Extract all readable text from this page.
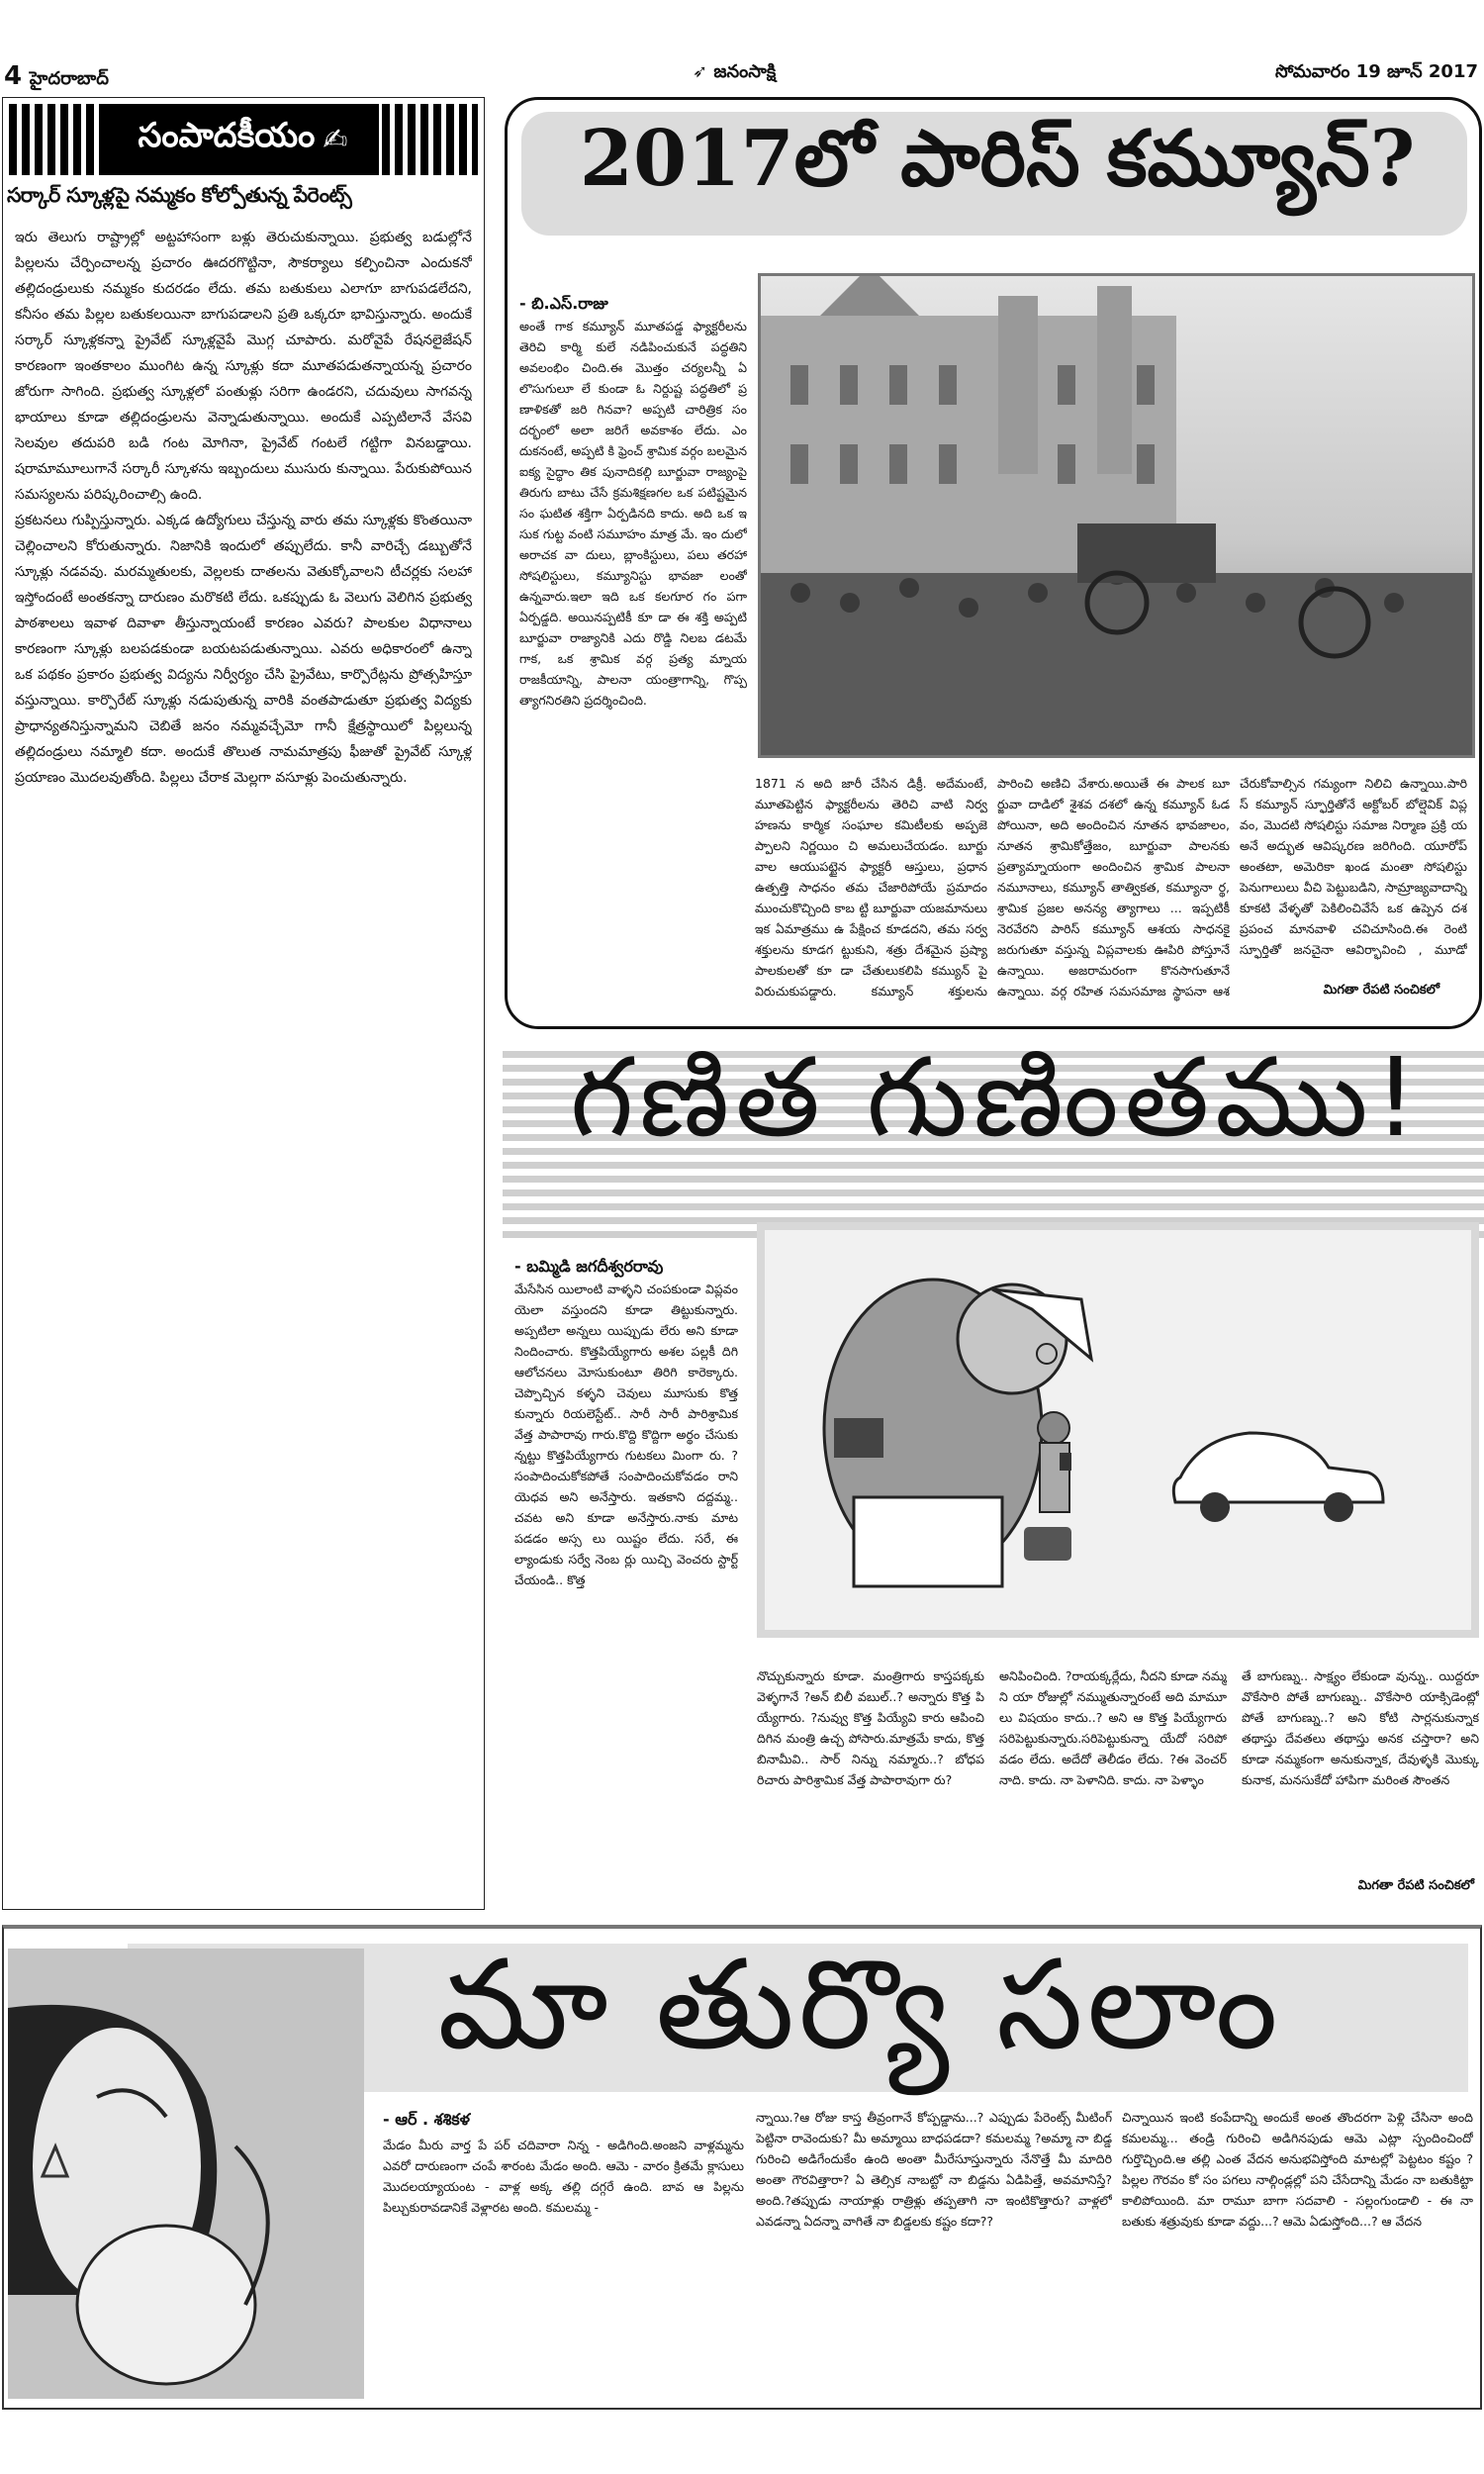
4 హైదరాబాద్	➶ జనంసాక్షి	సోమవారం 19 జూన్ 2017
సంపాదకీయం ✍
సర్కార్ స్కూళ్లపై నమ్మకం కోల్పోతున్న పేరెంట్స్

ఇరు తెలుగు రాష్ట్రాల్లో అట్టహాసంగా బళ్లు తెరుచుకున్నాయి. ప్రభుత్వ బడుల్లోనే పిల్లలను చేర్పించాలన్న ప్రచారం ఊదరగొట్టినా, సౌకర్యాలు కల్పించినా ఎందుకనో తల్లిదండ్రులుకు నమ్మకం కుదరడం లేదు. తమ బతుకులు ఎలాగూ బాగుపడలేదని, కనీసం తమ పిల్లల బతుకలయినా బాగుపడాలని ప్రతి ఒక్కరూ భావిస్తున్నారు. అందుకే సర్కార్ స్కూళ్లకన్నా ప్రైవేట్ స్కూళ్లవైపే మొగ్గ చూపారు. మరోవైపే రేషనలైజేషన్ కారణంగా ఇంతకాలం ముంగిట ఉన్న స్కూళ్లు కదా మూతపడుతన్నాయన్న ప్రచారం జోరుగా సాగింది. ప్రభుత్వ స్కూళ్లలో పంతుళ్లు సరిగా ఉండరని, చదువులు సాగవన్న భాయాలు కూడా తల్లిదండ్రులను వెన్నాడుతున్నాయి. అందుకే ఎప్పటిలానే వేసవి సెలవుల తదుపరి బడి గంట మోగినా, ప్రైవేట్ గంటలే గట్టిగా వినబడ్డాయి. షరామామూలుగానే సర్కారీ స్కూళను ఇబ్బందులు ముసురు కున్నాయి. పేరుకుపోయిన సమస్యలను పరిష్కరించాల్సి ఉంది.

ప్రకటనలు గుప్పిస్తున్నారు. ఎక్కడ ఉద్యోగులు చేస్తున్న వారు తమ స్కూళ్లకు కొంతయినా చెల్లించాలని కోరుతున్నారు. నిజానికి ఇందులో తప్పులేదు. కానీ వారిచ్చే డబ్బుతోనే స్కూళ్లు నడవవు. మరమ్మతులకు, వెల్లలకు దాతలను వెతుక్కోవాలని టీచర్లకు సలహా ఇస్తోందంటే అంతకన్నా దారుణం మరొకటి లేదు. ఒకప్పుడు ఓ వెలుగు వెలిగిన ప్రభుత్వ పాఠశాలలు ఇవాళ దివాళా తీస్తున్నాయంటే కారణం ఎవరు? పాలకుల విధానాలు కారణంగా స్కూళ్లు బలపడకుండా బయటపడుతున్నాయి. ఎవరు అధికారంలో ఉన్నా ఒక పథకం ప్రకారం ప్రభుత్వ విద్యను నిర్వీర్యం చేసి ప్రైవేటు, కార్పొరేట్లను ప్రోత్సహిస్తూ వస్తున్నాయి. కార్పొరేట్ స్కూళ్లు నడుపుతున్న వారికి వంతపాడుతూ ప్రభుత్వ విద్యకు ప్రాధాన్యతనిస్తున్నామని చెబితే జనం నమ్మవచ్చేమో గానీ క్షేత్రస్థాయిలో పిల్లలున్న తల్లిదండ్రులు నమ్మాలి కదా. అందుకే తొలుత నామమాత్రపు ఫీజుతో ప్రైవేట్ స్కూళ్ల ప్రయాణం మొదలవుతోంది. పిల్లలు చేరాక మెల్లగా వసూళ్లు పెంచుతున్నారు.

2017లో పారిస్ కమ్యూన్?
- బి.ఎస్.రాజు
అంతే గాక కమ్యూన్ మూతపడ్డ ఫ్యాక్టరీలను తెరిచి కార్మి కులే నడిపించుకునే పద్ధతిని అవలంభిం చింది.ఈ మొత్తం చర్యలన్నీ ఏ లొసుగులూ లే కుండా ఓ నిర్దుష్ట పద్ధతిలో ప్ర ణాళికతో జరి గినవా? అప్పటి చారిత్రిక సం దర్భంలో అలా జరిగే అవకాశం లేదు. ఎం దుకనంటే, అప్పటి కి ఫ్రెంచ్ శ్రామిక వర్గం బలమైన ఐక్య సైద్ధాం తిక పునాదికల్గి బూర్జువా రాజ్యంపై తిరుగు బాటు చేసే క్రమశిక్షణగల ఒక పటిష్టమైన సం ఘటిత శక్తిగా ఏర్పడినది కాదు. అది ఒక ఇ సుక గుట్ట వంటి సమూహం మాత్ర మే. ఇం దులో అరాచక వా దులు, బ్లాంకిస్టులు, పలు తరహా సోషలిస్టులు, కమ్యూనిస్టు భావజా లంతో ఉన్నవారు.ఇలా ఇది ఒక కలగూర గం పగా ఏర్పడ్డది. అయినప్పటికీ కూ డా ఈ శక్తి అప్పటి బూర్జువా రాజ్యానికి ఎదు రొడ్డి నిలబ డటమే గాక, ఒక శ్రామిక వర్గ ప్రత్య మ్నాయ రాజకీయాన్ని, పాలనా యంత్రాగాన్ని, గొప్ప త్యాగనిరతిని ప్రదర్శించింది.
1871 న అది జారీ చేసిన డిక్రీ. అదేమంటే, మూతపెట్టిన ఫ్యాక్టరీలను తెరిచి వాటి నిర్వ హణను కార్మిక సంఘాల కమిటీలకు అప్పజె ప్పాలని నిర్ణయిం చి అమలుచేయడం. బూర్జు వాల ఆయుపట్టైన ఫ్యాక్టరీ ఆస్తులు, ప్రధాన ఉత్పత్తి సాధనం తమ చేజారిపోయే ప్రమాదం ముంచుకొచ్చింది కాబ ట్టి బూర్జువా యజమానులు ఇక ఏమాత్రము ఉ పేక్షించ కూడదని, తమ సర్వ శక్తులను కూడగ ట్టుకుని, శత్రు దేశమైన ప్రష్యా పాలకులతో కూ డా చేతులుకలిపి కమ్యున్ పై విరుచుకుపడ్డారు. కమ్యూన్ శక్తులను
పారించి అణిచి వేశారు.అయితే ఈ పాలక బూ ర్జువా దాడిలో శైశవ దశలో ఉన్న కమ్యూన్ ఓడ పోయినా, అది అందించిన నూతన భావజాలం, నూతన శ్రామికోత్తేజం, బూర్జువా పాలనకు ప్రత్యామ్నాయంగా అందించిన శ్రామిక పాలనా నమూనాలు, కమ్యూన్ తాత్వికత, కమ్యూనా ర్థ, శ్రామిక ప్రజల అనన్య త్యాగాలు ... ఇప్పటికీ నెరవేరని పారిస్ కమ్యూన్ ఆశయ సాధనకై జరుగుతూ వస్తున్న విప్లవాలకు ఊపిరి పోస్తూనే ఉన్నాయి. అజరామరంగా కొనసాగుతూనే ఉన్నాయి. వర్గ రహిత సమసమాజ స్థాపనా ఆశ
చేరుకోవాల్సిన గమ్యంగా నిలిచి ఉన్నాయి.పారి స్ కమ్యూన్ స్ఫూర్తితోనే అక్టోబర్ బోల్షెవిక్ విప్ల వం, మొదటి సోషలిస్టు సమాజ నిర్మాణ ప్రక్రి య అనే అద్భుత ఆవిష్కరణ జరిగింది. యూరోప్ అంతటా, అమెరికా ఖండ మంతా సోషలిస్టు పెనుగాలులు వీచి పెట్టుబడిని, సామ్రాజ్యవాదాన్ని కూకటి వేళ్ళతో పెకిలించివేసే ఒక ఉప్పెన దశ ప్రపంచ మానవాళి చవిచూసింది.ఈ రెంటి స్ఫూర్తితో జనచైనా ఆవిర్భావించి , మూడో
మిగతా రేపటి సంచికలో
గణిత గుణింతము!
- బమ్మిడి జగదీశ్వరరావు
మేసేసిన యిలాంటి వాళ్ళని చంపకుండా విప్లవం యెలా వస్తుందని కూడా తిట్టుకున్నారు. అప్పటిలా అన్నలు యిప్పుడు లేరు అని కూడా నిందించారు. కొత్తపియ్యేగారు అశల పల్లకీ దిగి ఆలోచనలు మోసుకుంటూ తిరిగి కారెక్కారు. చెప్పొచ్చిన కళ్ళని చెవులు మూసుకు కొత్త కున్నారు రియలెస్టేట్.. సారీ సారీ పారిశ్రామిక వేత్త పాపారావు గారు.కొద్ది కొద్దిగా అర్థం చేసుకు న్నట్టు కొత్తపియ్యేగారు గుటకలు మింగా రు. ?సంపాదించుకోకపోతే సంపాదించుకోవడం రాని యెధవ అని అనేస్తారు. ఇతకాని దద్దమ్మ.. చవట అని కూడా అనేస్తారు.నాకు మాట పడడం అస్స లు యిష్టం లేదు. సరే, ఈ ల్యాండుకు సర్వే నెంబ ర్లు యిచ్చి వెంచరు స్టార్ట్ చేయండి.. కొత్త
నొచ్చుకున్నారు కూడా. మంత్రిగారు కాస్తపక్కకు వెళ్ళగానే ?అన్ బిలీ వబుల్..? అన్నారు కొత్త పి య్యేగారు. ?నువ్వు కొత్త పియ్యేవి కారు ఆపించి దిగిన మంత్రి ఉచ్చ పోసారు.మాత్రమే కాదు, కొత్త బినామీవి.. సార్ నిన్ను నమ్మారు..? బోధప రిచారు పారిశ్రామిక వేత్త పాపారావుగా రు?
అనిపించింది. ?రాయక్కర్లేదు, నీదని కూడా నమ్మ ని యా రోజుల్లో నమ్ముతున్నారంటే అది మామూ లు విషయం కాదు..? అని ఆ కొత్త పియ్యేగారు సరిపెట్టుకున్నారు.సరిపెట్టుకున్నా యేదో సరిపో వడం లేదు. అదేదో తెలీడం లేదు. ?ఈ వెంచర్ నాది. కాదు. నా పెళానిది. కాదు. నా పెళ్ళాం
తే బాగుణ్ను.. సాక్ష్యం లేకుండా వున్ను.. యిద్దరూ వొకేసారి పోతే బాగుణ్ను.. వొకేసారి యాక్సిడెంట్లో పోతే బాగుణ్ను..? అని కోటి సార్లనుకున్నాక తథాస్తు దేవతలు తథాస్తు అనక చస్తారా? అని కూడా నమ్మకంగా అనుకున్నాక, దేవుళ్ళకి మొక్కు కునాక, మనసుకేదో హాపిగా మరింత సౌంతన
మిగతా రేపటి సంచికలో
మా తుర్యొ సలాం
- ఆర్ . శశికళ
మేడం మీరు వార్త పే పర్ చదివారా నిన్న - అడిగింది.అంజని వాళ్లమ్మను ఎవరో దారుణంగా చంపే శారంట మేడం అంది. ఆమె - వారం క్రితమే క్లాసులు మొదలయ్యాయంట - వాళ్ల అక్క తల్లి దగ్గరే ఉంది. బావ ఆ పిల్లను పిల్చుకురావడానికే వెళ్లారట అంది. కమలమ్మ -
న్నాయి.?ఆ రోజు కాస్త తీవ్రంగానే కోప్పడ్డాను...? ఎప్పుడు పేరెంట్స్ మీటింగ్ పెట్టినా రావెందుకు? మీ అమ్మాయి బాధపడదా? కమలమ్మ ?అమ్మా నా బిడ్డ గురించి అడిగేందుకేం ఉంది అంతా మీరేసూస్తున్నారు నేనొత్తే మీ మాదిరి అంతా గౌరవిత్తారా? ఏ తెల్సిక నాబట్టో నా బిడ్డను ఏడిపిత్తే, అవమానిస్తే? అంది.?తప్పుడు నాయాళ్లు రాత్రిళ్లు తప్పతాగి నా ఇంటికొత్తారు? వాళ్లలో ఎవడన్నా ఏదన్నా వాగితే నా బిడ్డలకు కష్టం కదా??
చిన్నాయిన ఇంటి కంపేదాన్ని అందుకే అంత తొందరగా పెళ్లి చేసినా అంది కమలమ్మ... తండ్రి గురించి అడిగినపుడు ఆమె ఎట్లా స్పందించిందో గుర్తొచ్చింది.ఆ తల్లి ఎంత వేదన అనుభవిస్తోంది మాటల్లో పెట్టటం కష్టం ?పిల్లల గౌరవం కో సం పగలు నాల్గిండ్లల్లో పని చేసేదాన్ని మేడం నా బతుకిట్టా కాలిపోయింది. మా రామూ బాగా సదవాలి - సల్లంగుండాలి - ఈ నా బతుకు శత్రువుకు కూడా వద్దు...? ఆమె ఏడుస్తోంది...? ఆ వేదన
